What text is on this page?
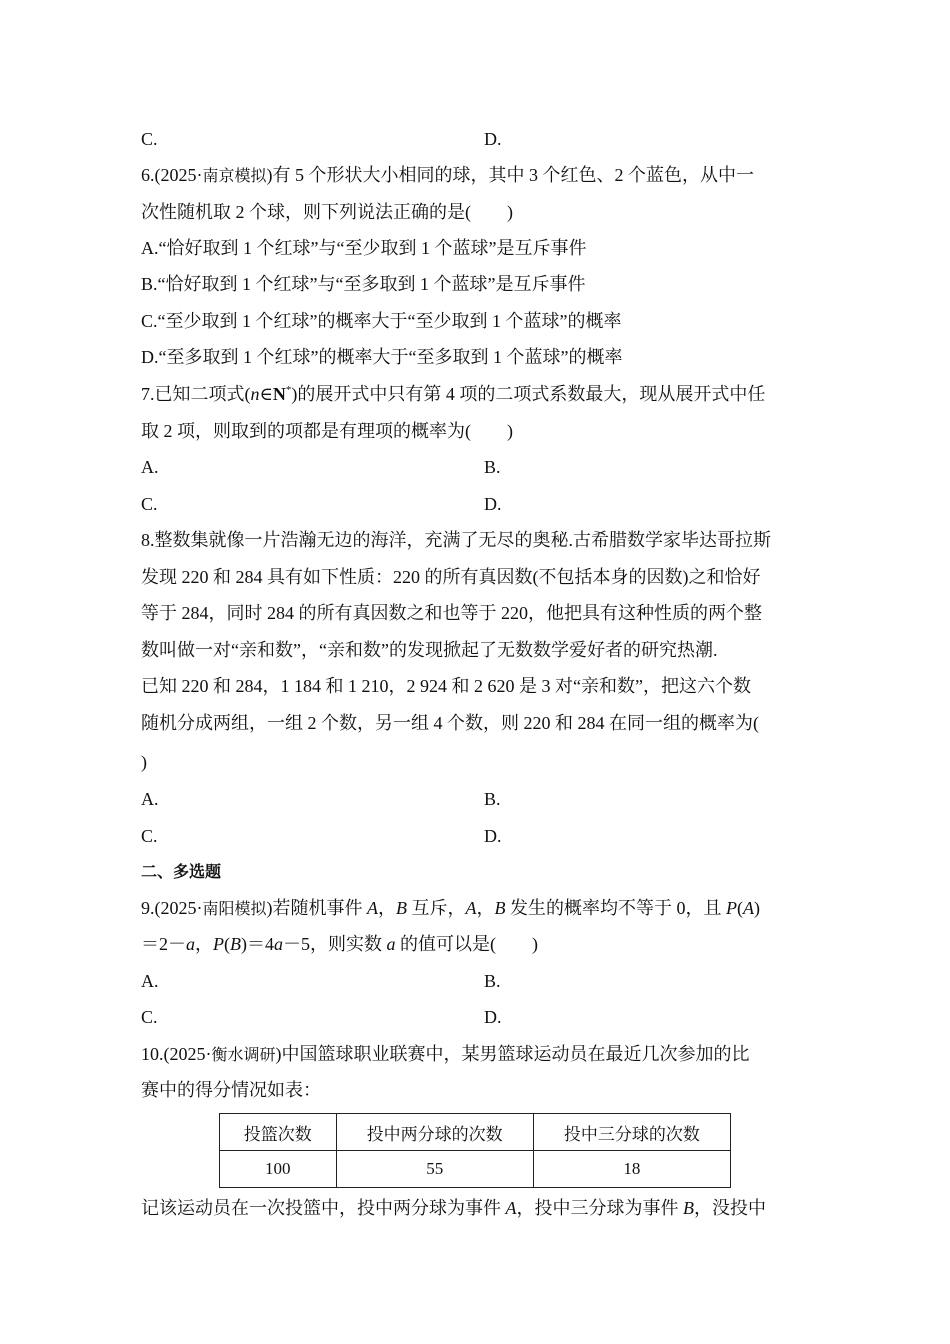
C.	D.
6.(2025·南京模拟)有 5 个形状大小相同的球，其中 3 个红色、2 个蓝色，从中一
次性随机取 2 个球，则下列说法正确的是(　　)
A.“恰好取到 1 个红球”与“至少取到 1 个蓝球”是互斥事件
B.“恰好取到 1 个红球”与“至多取到 1 个蓝球”是互斥事件
C.“至少取到 1 个红球”的概率大于“至少取到 1 个蓝球”的概率
D.“至多取到 1 个红球”的概率大于“至多取到 1 个蓝球”的概率
7.已知二项式(n∈N*)的展开式中只有第 4 项的二项式系数最大，现从展开式中任
取 2 项，则取到的项都是有理项的概率为(　　)
A.	B.
C.	D.
8.整数集就像一片浩瀚无边的海洋，充满了无尽的奥秘.古希腊数学家毕达哥拉斯
发现 220 和 284 具有如下性质：220 的所有真因数(不包括本身的因数)之和恰好
等于 284，同时 284 的所有真因数之和也等于 220，他把具有这种性质的两个整
数叫做一对“亲和数”，“亲和数”的发现掀起了无数数学爱好者的研究热潮.
已知 220 和 284，1 184 和 1 210，2 924 和 2 620 是 3 对“亲和数”，把这六个数
随机分成两组，一组 2 个数，另一组 4 个数，则 220 和 284 在同一组的概率为(
)
A.	B.
C.	D.
二、多选题
9.(2025·南阳模拟)若随机事件 A，B 互斥，A，B 发生的概率均不等于 0，且 P(A)
＝2－a，P(B)＝4a－5，则实数 a 的值可以是(　　)
A.	B.
C.	D.
10.(2025·衡水调研)中国篮球职业联赛中，某男篮球运动员在最近几次参加的比
赛中的得分情况如表：
投篮次数	投中两分球的次数	投中三分球的次数
100	55	18
记该运动员在一次投篮中，投中两分球为事件 A，投中三分球为事件 B，没投中
